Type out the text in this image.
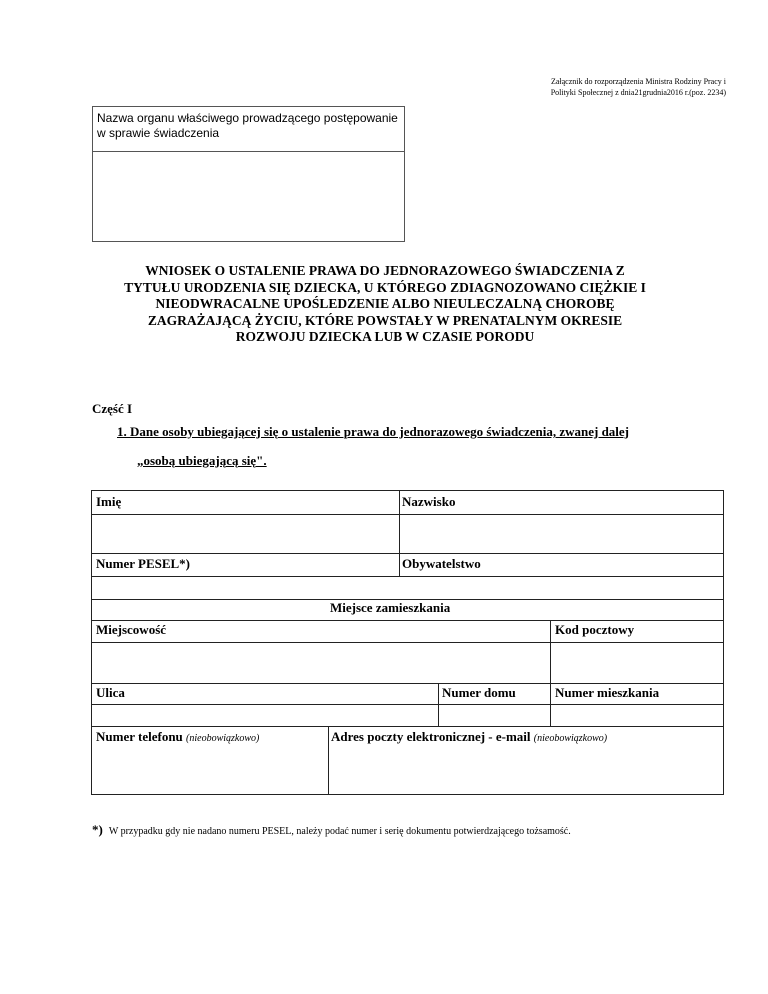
Załącznik do rozporządzenia Ministra Rodziny Pracy i
Polityki Społecznej z dnia21grudnia2016 r.(poz. 2234)
Nazwa organu właściwego prowadzącego postępowanie
w sprawie świadczenia
WNIOSEK O USTALENIE PRAWA DO JEDNORAZOWEGO ŚWIADCZENIA Z
TYTUŁU URODZENIA SIĘ DZIECKA, U KTÓREGO ZDIAGNOZOWANO CIĘŻKIE I
NIEODWRACALNE UPOŚLEDZENIE ALBO NIEULECZALNĄ CHOROBĘ
ZAGRAŻAJĄCĄ ŻYCIU, KTÓRE POWSTAŁY W PRENATALNYM OKRESIE
ROZWOJU DZIECKA LUB W CZASIE PORODU
Część I
1. Dane osoby ubiegającej się o ustalenie prawa do jednorazowego świadczenia, zwanej dalej
„osobą ubiegającą się".
Imię	Nazwisko
Numer PESEL*)	Obywatelstwo
Miejsce zamieszkania
Miejscowość	Kod pocztowy
Ulica	Numer domu	Numer mieszkania
Numer telefonu (nieobowiązkowo)	Adres poczty elektronicznej - e-mail (nieobowiązkowo)
*) W przypadku gdy nie nadano numeru PESEL, należy podać numer i serię dokumentu potwierdzającego tożsamość.
